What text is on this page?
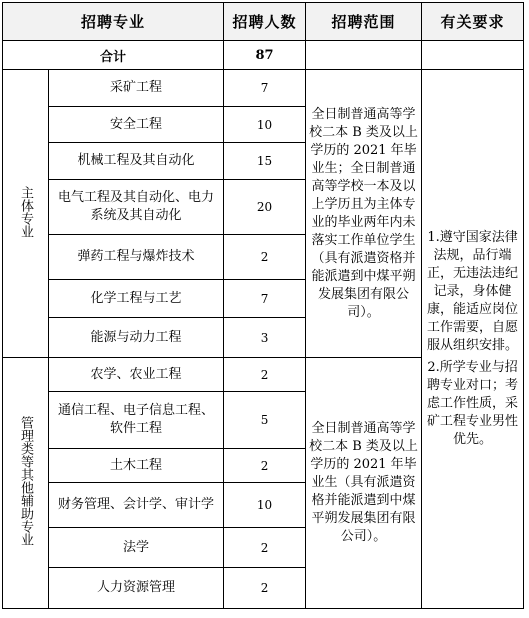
招聘专业		招聘人数	招聘范围	有关要求
合计		87		
主体专业	采矿工程	7	全日制普通高等学校二本 B 类及以上学历的 2021 年毕业生；全日制普通高等学校一本及以上学历且为主体专业的毕业两年内未落实工作单位学生（具有派遣资格并能派遣到中煤平朔发展集团有限公司）。	1.遵守国家法律法规，品行端正，无违法违纪记录，身体健康，能适应岗位工作需要，自愿服从组织安排。

2.所学专业与招聘专业对口；考虑工作性质，采矿工程专业男性优先。

	安全工程	10		
	机械工程及其自动化	15		
	电气工程及其自动化、电力系统及其自动化	20		
	弹药工程与爆炸技术	2		
	化学工程与工艺	7		
	能源与动力工程	3		
管理类等其他辅助专业	农学、农业工程	2	全日制普通高等学校二本 B 类及以上学历的 2021 年毕业生（具有派遣资格并能派遣到中煤平朔发展集团有限公司）。	
	通信工程、电子信息工程、软件工程	5		
	土木工程	2		
	财务管理、会计学、审计学	10		
	法学	2		
	人力资源管理	2		
